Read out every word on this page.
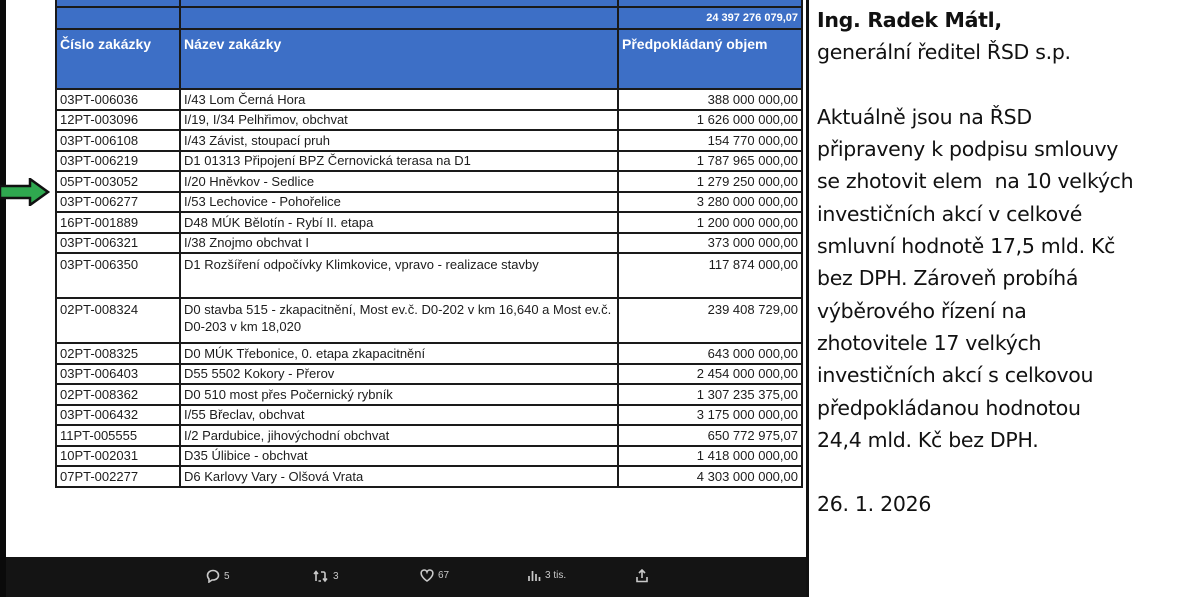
		24 397 276 079,07
Číslo zakázky	Název zakázky	Předpokládaný objem
03PT-006036	I/43 Lom Černá Hora	388 000 000,00
12PT-003096	I/19, I/34 Pelhřimov, obchvat	1 626 000 000,00
03PT-006108	I/43 Závist, stoupací pruh	154 770 000,00
03PT-006219	D1 01313 Připojení BPZ Černovická terasa na D1	1 787 965 000,00
05PT-003052	I/20 Hněvkov - Sedlice	1 279 250 000,00
03PT-006277	I/53 Lechovice - Pohořelice	3 280 000 000,00
16PT-001889	D48 MÚK Bělotín - Rybí II. etapa	1 200 000 000,00
03PT-006321	I/38 Znojmo obchvat I	373 000 000,00
03PT-006350	D1 Rozšíření odpočívky Klimkovice, vpravo - realizace stavby	117 874 000,00
02PT-008324	D0 stavba 515 - zkapacitnění, Most ev.č. D0-202 v km 16,640 a Most ev.č. D0-203 v km 18,020	239 408 729,00
02PT-008325	D0 MÚK Třebonice, 0. etapa zkapacitnění	643 000 000,00
03PT-006403	D55 5502 Kokory - Přerov	2 454 000 000,00
02PT-008362	D0 510 most přes Počernický rybník	1 307 235 375,00
03PT-006432	I/55 Břeclav, obchvat	3 175 000 000,00
11PT-005555	I/2 Pardubice, jihovýchodní obchvat	650 772 975,07
10PT-002031	D35 Úlibice - obchvat	1 418 000 000,00
07PT-002277	D6 Karlovy Vary - Olšová Vrata	4 303 000 000,00
5	3	67	3 tis.
Ing. Radek Mátl,
generální ředitel ŘSD s.p.
Aktuálně jsou na ŘSD
připraveny k podpisu smlouvy
se zhotovit elem  na 10 velkých
investičních akcí v celkové
smluvní hodnotě 17,5 mld. Kč
bez DPH. Zároveň probíhá
výběrového řízení na
zhotovitele 17 velkých
investičních akcí s celkovou
předpokládanou hodnotou
24,4 mld. Kč bez DPH.
26. 1. 2026
